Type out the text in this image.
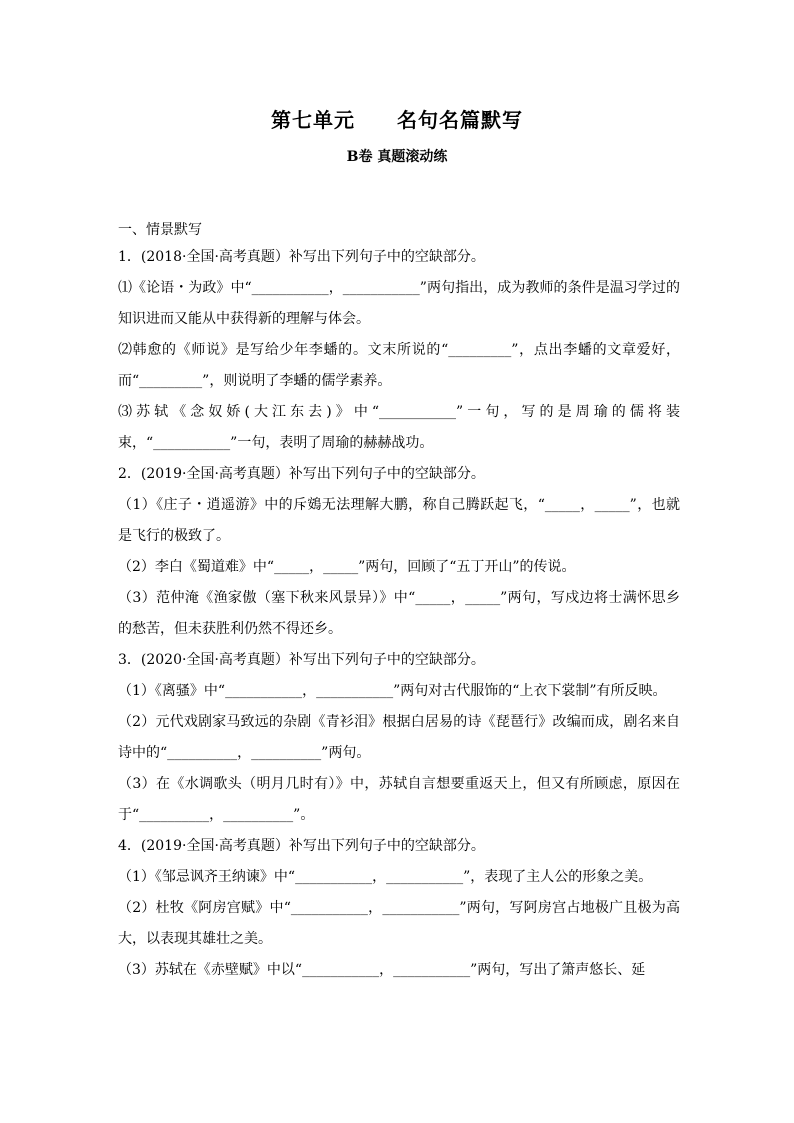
第七单元　　名句名篇默写
B卷 真题滚动练

一、情景默写

1．(2018·全国·高考真题）补写出下列句子中的空缺部分。

⑴《论语・为政》中“___________，___________”两句指出，成为教师的条件是温习学过的知识进而又能从中获得新的理解与体会。

⑵韩愈的《师说》是写给少年李蟠的。文末所说的“_________”，点出李蟠的文章爱好，而“_________”，则说明了李蟠的儒学素养。

⑶苏轼《念奴娇(大江东去)》中“___________”一句，写的是周瑜的儒将装束，“___________”一句，表明了周瑜的赫赫战功。

2．(2019·全国·高考真题）补写出下列句子中的空缺部分。

（1）《庄子・逍遥游》中的斥鴳无法理解大鹏，称自己腾跃起飞，“_____，_____”，也就是飞行的极致了。

（2）李白《蜀道难》中“_____，_____”两句，回顾了“五丁开山”的传说。

（3）范仲淹《渔家傲（塞下秋来风景异）》中“_____，_____”两句，写戍边将士满怀思乡的愁苦，但未获胜利仍然不得还乡。

3．(2020·全国·高考真题）补写出下列句子中的空缺部分。

（1）《离骚》中“___________，___________”两句对古代服饰的“上衣下裳制”有所反映。

（2）元代戏剧家马致远的杂剧《青衫泪》根据白居易的诗《琵琶行》改编而成，剧名来自诗中的“__________，__________”两句。

（3）在《水调歌头（明月几时有）》中，苏轼自言想要重返天上，但又有所顾虑，原因在于“__________，__________”。

4．(2019·全国·高考真题）补写出下列句子中的空缺部分。

（1）《邹忌讽齐王纳谏》中“___________，___________”，表现了主人公的形象之美。

（2）杜牧《阿房宫赋》中“___________，___________”两句，写阿房宫占地极广且极为高大，以表现其雄壮之美。

（3）苏轼在《赤壁赋》中以“___________，___________”两句，写出了箫声悠长、延
